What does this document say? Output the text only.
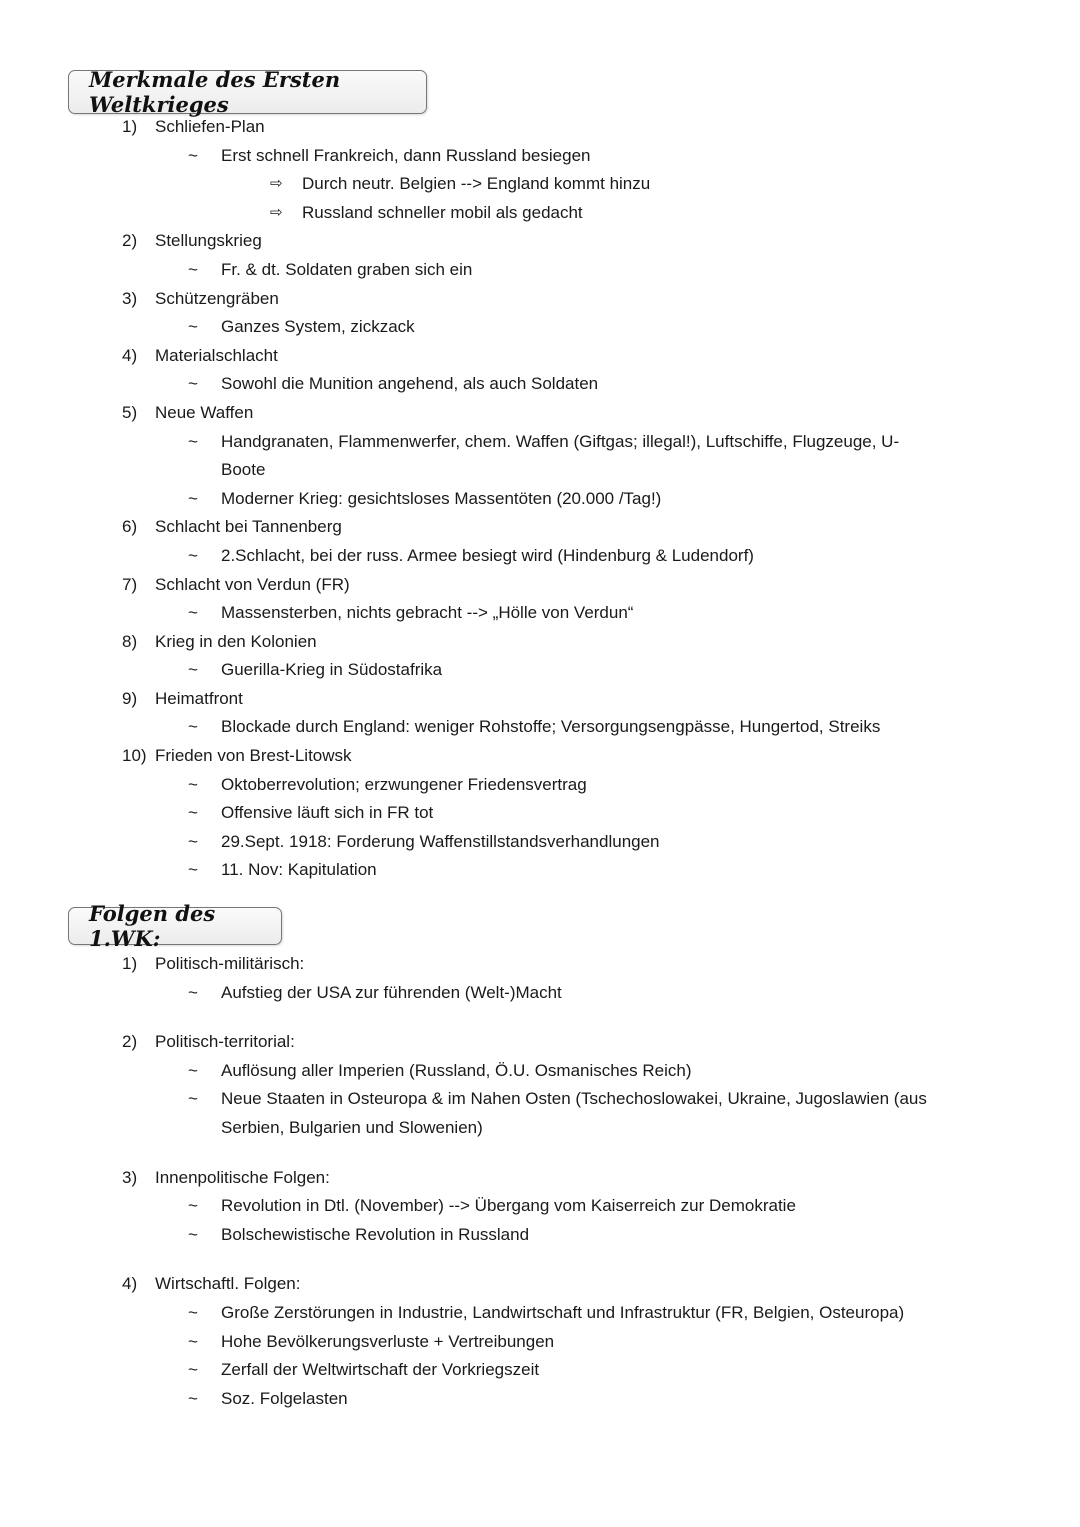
Merkmale des Ersten Weltkrieges
1) Schliefen-Plan
~ Erst schnell Frankreich, dann Russland besiegen
⇨ Durch neutr. Belgien --> England kommt hinzu
⇨ Russland schneller mobil als gedacht
2) Stellungskrieg
~ Fr. & dt. Soldaten graben sich ein
3) Schützengräben
~ Ganzes System, zickzack
4) Materialschlacht
~ Sowohl die Munition angehend, als auch Soldaten
5) Neue Waffen
~ Handgranaten, Flammenwerfer, chem. Waffen (Giftgas; illegal!), Luftschiffe, Flugzeuge, U-
Boote
~ Moderner Krieg: gesichtsloses Massentöten (20.000 /Tag!)
6) Schlacht bei Tannenberg
~ 2.Schlacht, bei der russ. Armee besiegt wird (Hindenburg & Ludendorf)
7) Schlacht von Verdun (FR)
~ Massensterben, nichts gebracht --> „Hölle von Verdun“
8) Krieg in den Kolonien
~ Guerilla-Krieg in Südostafrika
9) Heimatfront
~ Blockade durch England: weniger Rohstoffe; Versorgungsengpässe, Hungertod, Streiks
10) Frieden von Brest-Litowsk
~ Oktoberrevolution; erzwungener Friedensvertrag
~ Offensive läuft sich in FR tot
~ 29.Sept. 1918: Forderung Waffenstillstandsverhandlungen
~ 11. Nov: Kapitulation
Folgen des 1.WK:
1) Politisch-militärisch:
~ Aufstieg der USA zur führenden (Welt-)Macht
2) Politisch-territorial:
~ Auflösung aller Imperien (Russland, Ö.U. Osmanisches Reich)
~ Neue Staaten in Osteuropa & im Nahen Osten (Tschechoslowakei, Ukraine, Jugoslawien (aus
Serbien, Bulgarien und Slowenien)
3) Innenpolitische Folgen:
~ Revolution in Dtl. (November) --> Übergang vom Kaiserreich zur Demokratie
~ Bolschewistische Revolution in Russland
4) Wirtschaftl. Folgen:
~ Große Zerstörungen in Industrie, Landwirtschaft und Infrastruktur (FR, Belgien, Osteuropa)
~ Hohe Bevölkerungsverluste + Vertreibungen
~ Zerfall der Weltwirtschaft der Vorkriegszeit
~ Soz. Folgelasten
